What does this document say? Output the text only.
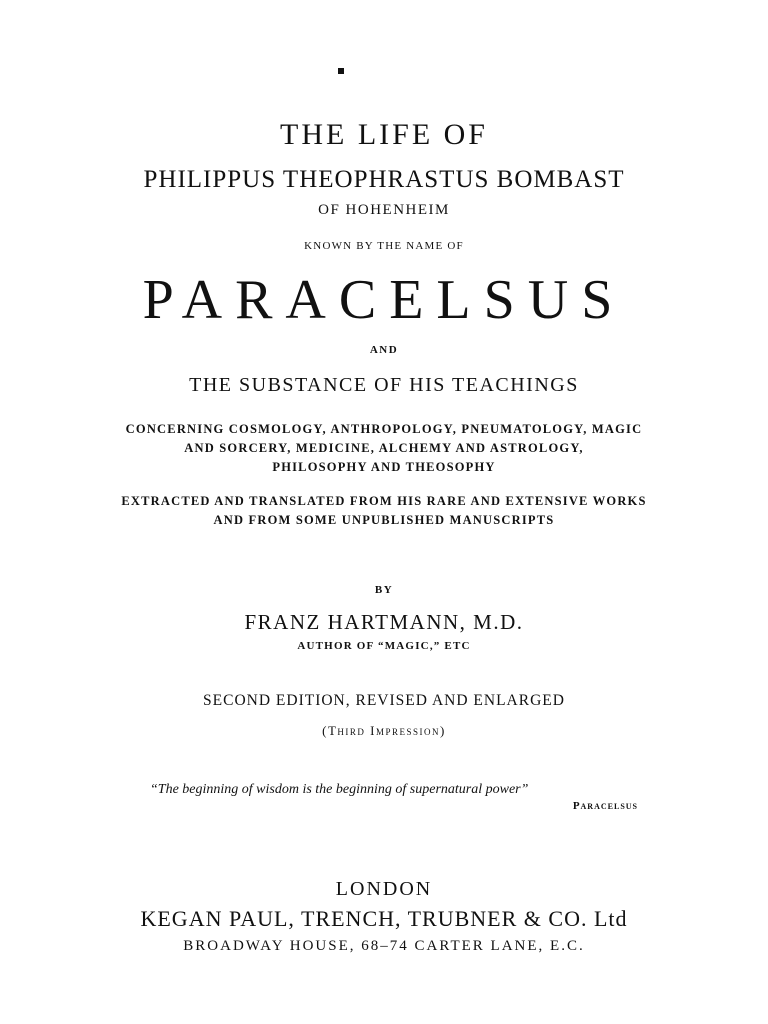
THE LIFE OF
PHILIPPUS THEOPHRASTUS BOMBAST
OF HOHENHEIM
KNOWN BY THE NAME OF
PARACELSUS
AND
THE SUBSTANCE OF HIS TEACHINGS
CONCERNING COSMOLOGY, ANTHROPOLOGY, PNEUMATOLOGY, MAGIC
AND SORCERY, MEDICINE, ALCHEMY AND ASTROLOGY,
PHILOSOPHY AND THEOSOPHY
EXTRACTED AND TRANSLATED FROM HIS RARE AND EXTENSIVE WORKS
AND FROM SOME UNPUBLISHED MANUSCRIPTS
BY
FRANZ HARTMANN, M.D.
AUTHOR OF “MAGIC,” ETC
SECOND EDITION, REVISED AND ENLARGED
(Third Impression)
“The beginning of wisdom is the beginning of supernatural power”
Paracelsus
LONDON
KEGAN PAUL, TRENCH, TRUBNER & CO. Ltd
BROADWAY HOUSE, 68–74 CARTER LANE, E.C.
